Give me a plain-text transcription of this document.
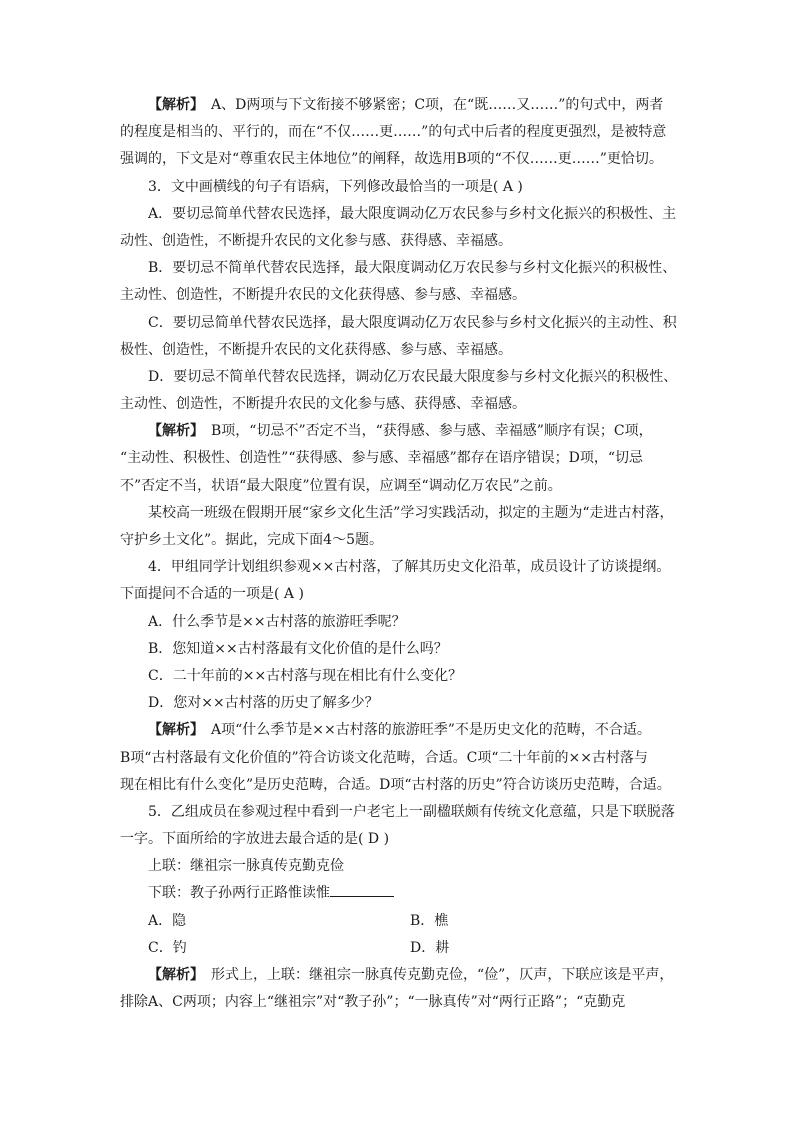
【解析】　A、D两项与下文衔接不够紧密；C项，在“既……又……”的句式中，两者
的程度是相当的、平行的，而在“不仅……更……”的句式中后者的程度更强烈，是被特意
强调的，下文是对“尊重农民主体地位”的阐释，故选用B项的“不仅……更……”更恰切。
3．文中画横线的句子有语病，下列修改最恰当的一项是( A )
A．要切忌简单代替农民选择，最大限度调动亿万农民参与乡村文化振兴的积极性、主
动性、创造性，不断提升农民的文化参与感、获得感、幸福感。
B．要切忌不简单代替农民选择，最大限度调动亿万农民参与乡村文化振兴的积极性、
主动性、创造性，不断提升农民的文化获得感、参与感、幸福感。
C．要切忌简单代替农民选择，最大限度调动亿万农民参与乡村文化振兴的主动性、积
极性、创造性，不断提升农民的文化获得感、参与感、幸福感。
D．要切忌不简单代替农民选择，调动亿万农民最大限度参与乡村文化振兴的积极性、
主动性、创造性，不断提升农民的文化参与感、获得感、幸福感。
【解析】　B项，“切忌不”否定不当，“获得感、参与感、幸福感”顺序有误；C项，
“主动性、积极性、创造性”“获得感、参与感、幸福感”都存在语序错误；D项，“切忌
不”否定不当，状语“最大限度”位置有误，应调至“调动亿万农民”之前。
某校高一班级在假期开展“家乡文化生活”学习实践活动，拟定的主题为“走进古村落，
守护乡土文化”。据此，完成下面4～5题。
4．甲组同学计划组织参观××古村落，了解其历史文化沿革，成员设计了访谈提纲。
下面提问不合适的一项是( A )
A．什么季节是××古村落的旅游旺季呢？
B．您知道××古村落最有文化价值的是什么吗？
C．二十年前的××古村落与现在相比有什么变化？
D．您对××古村落的历史了解多少？
【解析】　A项“什么季节是××古村落的旅游旺季”不是历史文化的范畴，不合适。
B项“古村落最有文化价值的”符合访谈文化范畴，合适。C项“二十年前的××古村落与
现在相比有什么变化”是历史范畴，合适。D项“古村落的历史”符合访谈历史范畴，合适。
5．乙组成员在参观过程中看到一户老宅上一副楹联颇有传统文化意蕴，只是下联脱落
一字。下面所给的字放进去最合适的是( D )
上联：继祖宗一脉真传克勤克俭
下联：教子孙两行正路惟读惟
A．隐	B．樵
C．钓	D．耕
【解析】　形式上，上联：继祖宗一脉真传克勤克俭，“俭”，仄声，下联应该是平声，
排除A、C两项；内容上“继祖宗”对“教子孙”；“一脉真传”对“两行正路”；“克勤克
